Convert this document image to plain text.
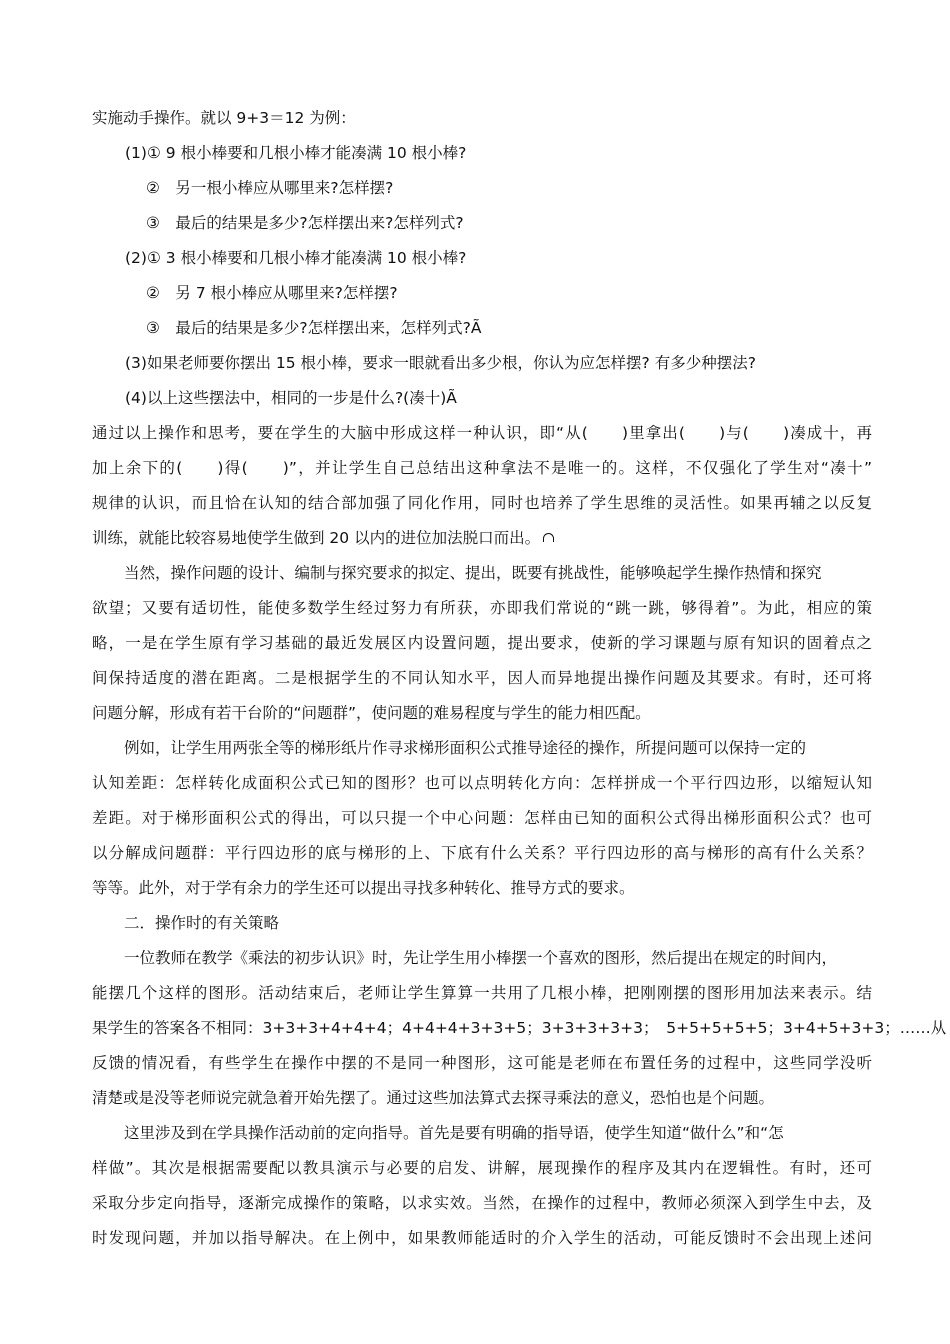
实施动手操作。就以 9+3＝12 为例：
(1)① 9 根小棒要和几根小棒才能凑满 10 根小棒?
②　另一根小棒应从哪里来?怎样摆?
③　最后的结果是多少?怎样摆出来?怎样列式?
(2)① 3 根小棒要和几根小棒才能凑满 10 根小棒?
②　另 7 根小棒应从哪里来?怎样摆?
③　最后的结果是多少?怎样摆出来，怎样列式?Ã
(3)如果老师要你摆出 15 根小棒，要求一眼就看出多少根，你认为应怎样摆? 有多少种摆法?
(4)以上这些摆法中，相同的一步是什么?(凑十)Ã
通过以上操作和思考，要在学生的大脑中形成这样一种认识，即“从(　　)里拿出(　　)与(　　)凑成十，再
加上余下的(　　)得(　　)”，并让学生自己总结出这种拿法不是唯一的。这样，不仅强化了学生对“凑十”
规律的认识，而且恰在认知的结合部加强了同化作用，同时也培养了学生思维的灵活性。如果再辅之以反复
训练，就能比较容易地使学生做到 20 以内的进位加法脱口而出。
当然，操作问题的设计、编制与探究要求的拟定、提出，既要有挑战性，能够唤起学生操作热情和探究
欲望；又要有适切性，能使多数学生经过努力有所获，亦即我们常说的“跳一跳，够得着”。为此，相应的策
略，一是在学生原有学习基础的最近发展区内设置问题，提出要求，使新的学习课题与原有知识的固着点之
间保持适度的潜在距离。二是根据学生的不同认知水平，因人而异地提出操作问题及其要求。有时，还可将
问题分解，形成有若干台阶的“问题群”，使问题的难易程度与学生的能力相匹配。
例如，让学生用两张全等的梯形纸片作寻求梯形面积公式推导途径的操作，所提问题可以保持一定的
认知差距：怎样转化成面积公式已知的图形？也可以点明转化方向：怎样拼成一个平行四边形，以缩短认知
差距。对于梯形面积公式的得出，可以只提一个中心问题：怎样由已知的面积公式得出梯形面积公式？也可
以分解成问题群：平行四边形的底与梯形的上、下底有什么关系？平行四边形的高与梯形的高有什么关系？
等等。此外，对于学有余力的学生还可以提出寻找多种转化、推导方式的要求。
二．操作时的有关策略
一位教师在教学《乘法的初步认识》时，先让学生用小棒摆一个喜欢的图形，然后提出在规定的时间内，
能摆几个这样的图形。活动结束后，老师让学生算算一共用了几根小棒，把刚刚摆的图形用加法来表示。结
果学生的答案各不相同：3+3+3+4+4+4；4+4+4+3+3+5；3+3+3+3+3；　5+5+5+5+5；3+4+5+3+3；……从
反馈的情况看，有些学生在操作中摆的不是同一种图形，这可能是老师在布置任务的过程中，这些同学没听
清楚或是没等老师说完就急着开始先摆了。通过这些加法算式去探寻乘法的意义，恐怕也是个问题。
这里涉及到在学具操作活动前的定向指导。首先是要有明确的指导语，使学生知道“做什么”和“怎
样做”。其次是根据需要配以教具演示与必要的启发、讲解，展现操作的程序及其内在逻辑性。有时，还可
采取分步定向指导，逐渐完成操作的策略，以求实效。当然，在操作的过程中，教师必须深入到学生中去，及
时发现问题，并加以指导解决。在上例中，如果教师能适时的介入学生的活动，可能反馈时不会出现上述问
